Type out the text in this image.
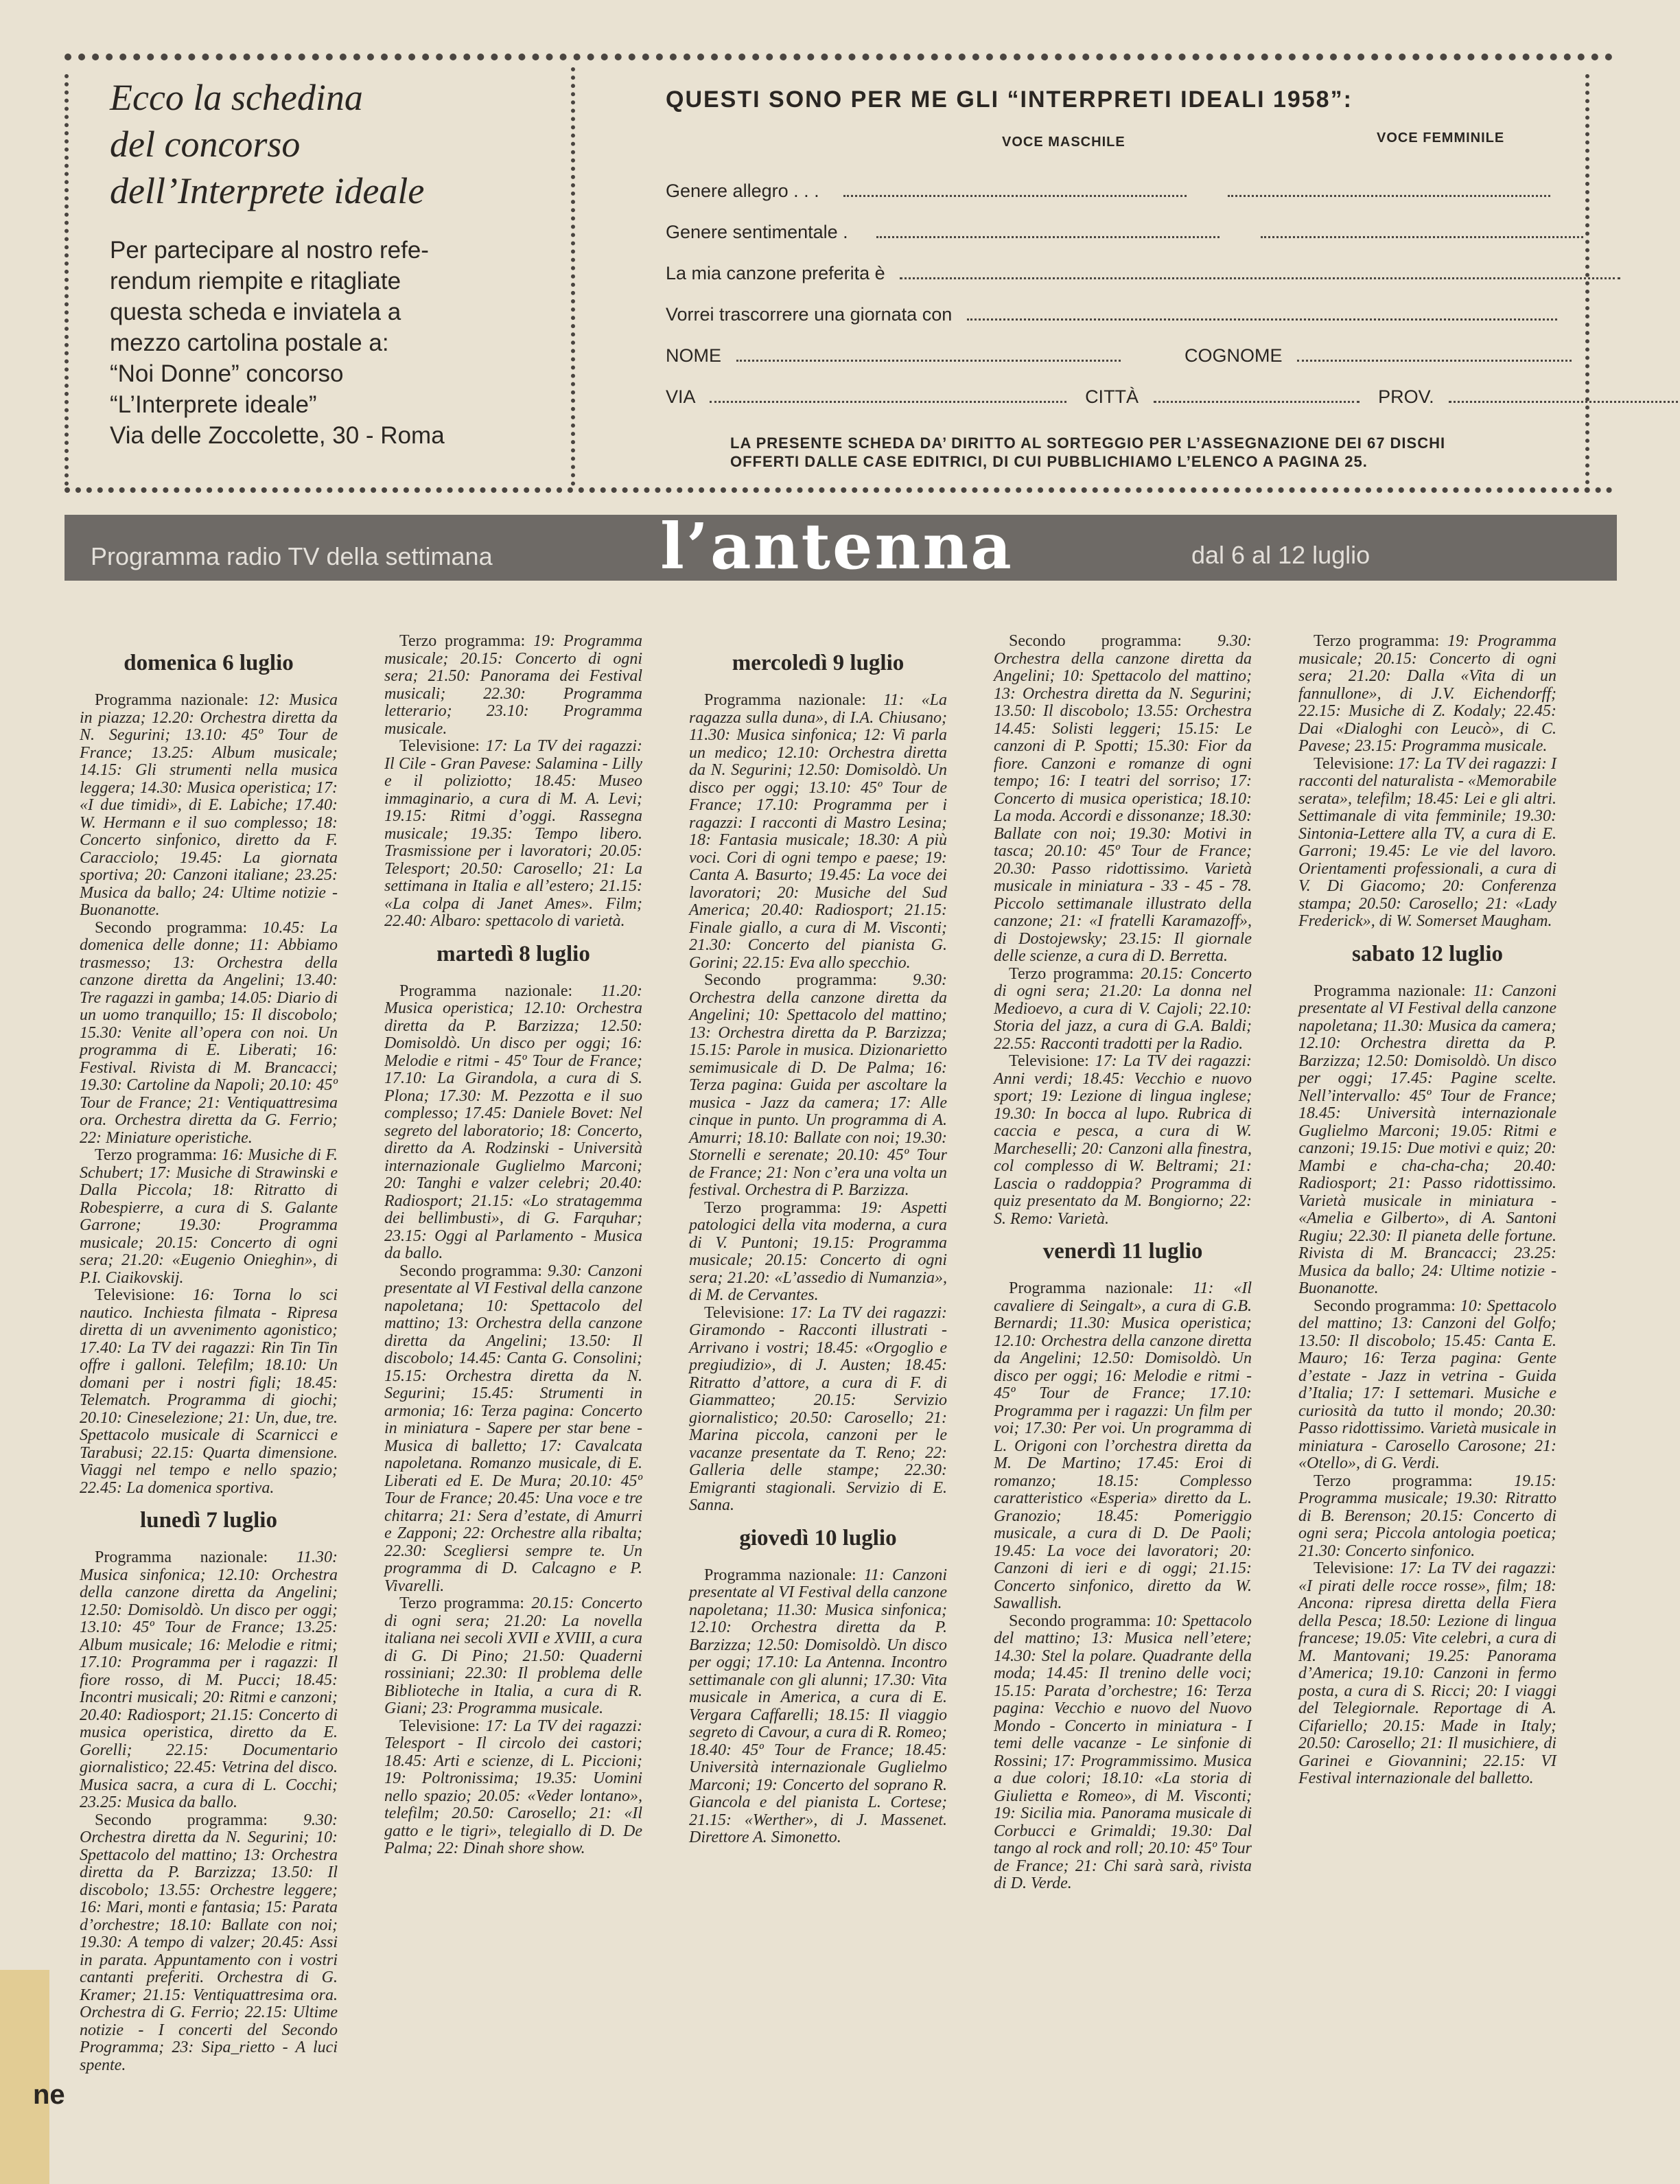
Ecco la schedina
del concorso
dell’Interprete ideale
Per partecipare al nostro refe-
rendum riempite e ritagliate
questa scheda e inviatela a
mezzo cartolina postale a:
“Noi Donne” concorso
“L’Interprete ideale”
Via delle Zoccolette, 30 - Roma
QUESTI SONO PER ME GLI “INTERPRETI IDEALI 1958”:
VOCE MASCHILE	VOCE FEMMINILE
Genere allegro . . .
Genere sentimentale .
La mia canzone preferita è
Vorrei trascorrere una giornata con
NOME	COGNOME
VIA	CITTÀ	PROV.
LA PRESENTE SCHEDA DA’ DIRITTO AL SORTEGGIO PER L’ASSEGNAZIONE DEI 67 DISCHI
OFFERTI DALLE CASE EDITRICI, DI CUI PUBBLICHIAMO L’ELENCO A PAGINA 25.
Programma radio TV della settimana	l’antenna	dal 6 al 12 luglio
domenica 6 luglio

Programma nazionale: 12: Musica in piazza; 12.20: Orchestra diretta da N. Segurini; 13.10: 45º Tour de France; 13.25: Album musicale; 14.15: Gli strumenti nella musica leggera; 14.30: Musica operistica; 17: «I due timidi», di E. Labiche; 17.40: W. Hermann e il suo complesso; 18: Concerto sinfonico, diretto da F. Caracciolo; 19.45: La giornata sportiva; 20: Canzoni italiane; 23.25: Musica da ballo; 24: Ultime notizie - Buonanotte.

Secondo programma: 10.45: La domenica delle donne; 11: Abbiamo trasmesso; 13: Orchestra della canzone diretta da Angelini; 13.40: Tre ragazzi in gamba; 14.05: Diario di un uomo tranquillo; 15: Il discobolo; 15.30: Venite all’opera con noi. Un programma di E. Liberati; 16: Festival. Rivista di M. Brancacci; 19.30: Cartoline da Napoli; 20.10: 45º Tour de France; 21: Ventiquattresima ora. Orchestra diretta da G. Ferrio; 22: Miniature operistiche.

Terzo programma: 16: Musiche di F. Schubert; 17: Musiche di Strawinski e Dalla Piccola; 18: Ritratto di Robespierre, a cura di S. Galante Garrone; 19.30: Programma musicale; 20.15: Concerto di ogni sera; 21.20: «Eugenio Onieghin», di P.I. Ciaikovskij.

Televisione: 16: Torna lo sci nautico. Inchiesta filmata - Ripresa diretta di un avvenimento agonistico; 17.40: La TV dei ragazzi: Rin Tin Tin offre i galloni. Telefilm; 18.10: Un domani per i nostri figli; 18.45: Telematch. Programma di giochi; 20.10: Cineselezione; 21: Un, due, tre. Spettacolo musicale di Scarnicci e Tarabusi; 22.15: Quarta dimensione. Viaggi nel tempo e nello spazio; 22.45: La domenica sportiva.

lunedì 7 luglio

Programma nazionale: 11.30: Musica sinfonica; 12.10: Orchestra della canzone diretta da Angelini; 12.50: Domisoldò. Un disco per oggi; 13.10: 45º Tour de France; 13.25: Album musicale; 16: Melodie e ritmi; 17.10: Programma per i ragazzi: Il fiore rosso, di M. Pucci; 18.45: Incontri musicali; 20: Ritmi e canzoni; 20.40: Radiosport; 21.15: Concerto di musica operistica, diretto da E. Gorelli; 22.15: Documentario giornalistico; 22.45: Vetrina del disco. Musica sacra, a cura di L. Cocchi; 23.25: Musica da ballo.

Secondo programma: 9.30: Orchestra diretta da N. Segurini; 10: Spettacolo del mattino; 13: Orchestra diretta da P. Barzizza; 13.50: Il discobolo; 13.55: Orchestre leggere; 16: Mari, monti e fantasia; 15: Parata d’orchestre; 18.10: Ballate con noi; 19.30: A tempo di valzer; 20.45: Assi in parata. Appuntamento con i vostri cantanti preferiti. Orchestra di G. Kramer; 21.15: Ventiquattresima ora. Orchestra di G. Ferrio; 22.15: Ultime notizie - I concerti del Secondo Programma; 23: Sipa_rietto - A luci spente.

Terzo programma: 19: Programma musicale; 20.15: Concerto di ogni sera; 21.50: Panorama dei Festival musicali; 22.30: Programma letterario; 23.10: Programma musicale.

Televisione: 17: La TV dei ragazzi: Il Cile - Gran Pavese: Salamina - Lilly e il poliziotto; 18.45: Museo immaginario, a cura di M. A. Levi; 19.15: Ritmi d’oggi. Rassegna musicale; 19.35: Tempo libero. Trasmissione per i lavoratori; 20.05: Telesport; 20.50: Carosello; 21: La settimana in Italia e all’estero; 21.15: «La colpa di Janet Ames». Film; 22.40: Albaro: spettacolo di varietà.

martedì 8 luglio

Programma nazionale: 11.20: Musica operistica; 12.10: Orchestra diretta da P. Barzizza; 12.50: Domisoldò. Un disco per oggi; 16: Melodie e ritmi - 45º Tour de France; 17.10: La Girandola, a cura di S. Plona; 17.30: M. Pezzotta e il suo complesso; 17.45: Daniele Bovet: Nel segreto del laboratorio; 18: Concerto, diretto da A. Rodzinski - Università internazionale Guglielmo Marconi; 20: Tanghi e valzer celebri; 20.40: Radiosport; 21.15: «Lo stratagemma dei bellimbusti», di G. Farquhar; 23.15: Oggi al Parlamento - Musica da ballo.

Secondo programma: 9.30: Canzoni presentate al VI Festival della canzone napoletana; 10: Spettacolo del mattino; 13: Orchestra della canzone diretta da Angelini; 13.50: Il discobolo; 14.45: Canta G. Consolini; 15.15: Orchestra diretta da N. Segurini; 15.45: Strumenti in armonia; 16: Terza pagina: Concerto in miniatura - Sapere per star bene - Musica di balletto; 17: Cavalcata napoletana. Romanzo musicale, di E. Liberati ed E. De Mura; 20.10: 45º Tour de France; 20.45: Una voce e tre chitarra; 21: Sera d’estate, di Amurri e Zapponi; 22: Orchestre alla ribalta; 22.30: Scegliersi sempre te. Un programma di D. Calcagno e P. Vivarelli.

Terzo programma: 20.15: Concerto di ogni sera; 21.20: La novella italiana nei secoli XVII e XVIII, a cura di G. Di Pino; 21.50: Quaderni rossiniani; 22.30: Il problema delle Biblioteche in Italia, a cura di R. Giani; 23: Programma musicale.

Televisione: 17: La TV dei ragazzi: Telesport - Il circolo dei castori; 18.45: Arti e scienze, di L. Piccioni; 19: Poltronissima; 19.35: Uomini nello spazio; 20.05: «Veder lontano», telefilm; 20.50: Carosello; 21: «Il gatto e le tigri», telegiallo di D. De Palma; 22: Dinah shore show.

mercoledì 9 luglio

Programma nazionale: 11: «La ragazza sulla duna», di I.A. Chiusano; 11.30: Musica sinfonica; 12: Vi parla un medico; 12.10: Orchestra diretta da N. Segurini; 12.50: Domisoldò. Un disco per oggi; 13.10: 45º Tour de France; 17.10: Programma per i ragazzi: I racconti di Mastro Lesina; 18: Fantasia musicale; 18.30: A più voci. Cori di ogni tempo e paese; 19: Canta A. Basurto; 19.45: La voce dei lavoratori; 20: Musiche del Sud America; 20.40: Radiosport; 21.15: Finale giallo, a cura di M. Visconti; 21.30: Concerto del pianista G. Gorini; 22.15: Eva allo specchio.

Secondo programma: 9.30: Orchestra della canzone diretta da Angelini; 10: Spettacolo del mattino; 13: Orchestra diretta da P. Barzizza; 15.15: Parole in musica. Dizionarietto semimusicale di D. De Palma; 16: Terza pagina: Guida per ascoltare la musica - Jazz da camera; 17: Alle cinque in punto. Un programma di A. Amurri; 18.10: Ballate con noi; 19.30: Stornelli e serenate; 20.10: 45º Tour de France; 21: Non c’era una volta un festival. Orchestra di P. Barzizza.

Terzo programma: 19: Aspetti patologici della vita moderna, a cura di V. Puntoni; 19.15: Programma musicale; 20.15: Concerto di ogni sera; 21.20: «L’assedio di Numanzia», di M. de Cervantes.

Televisione: 17: La TV dei ragazzi: Giramondo - Racconti illustrati - Arrivano i vostri; 18.45: «Orgoglio e pregiudizio», di J. Austen; 18.45: Ritratto d’attore, a cura di F. di Giammatteo; 20.15: Servizio giornalistico; 20.50: Carosello; 21: Marina piccola, canzoni per le vacanze presentate da T. Reno; 22: Galleria delle stampe; 22.30: Emigranti stagionali. Servizio di E. Sanna.

giovedì 10 luglio

Programma nazionale: 11: Canzoni presentate al VI Festival della canzone napoletana; 11.30: Musica sinfonica; 12.10: Orchestra diretta da P. Barzizza; 12.50: Domisoldò. Un disco per oggi; 17.10: La Antenna. Incontro settimanale con gli alunni; 17.30: Vita musicale in America, a cura di E. Vergara Caffarelli; 18.15: Il viaggio segreto di Cavour, a cura di R. Romeo; 18.40: 45º Tour de France; 18.45: Università internazionale Guglielmo Marconi; 19: Concerto del soprano R. Giancola e del pianista L. Cortese; 21.15: «Werther», di J. Massenet. Direttore A. Simonetto.

Secondo programma: 9.30: Orchestra della canzone diretta da Angelini; 10: Spettacolo del mattino; 13: Orchestra diretta da N. Segurini; 13.50: Il discobolo; 13.55: Orchestra 14.45: Solisti leggeri; 15.15: Le canzoni di P. Spotti; 15.30: Fior da fiore. Canzoni e romanze di ogni tempo; 16: I teatri del sorriso; 17: Concerto di musica operistica; 18.10: La moda. Accordi e dissonanze; 18.30: Ballate con noi; 19.30: Motivi in tasca; 20.10: 45º Tour de France; 20.30: Passo ridottissimo. Varietà musicale in miniatura - 33 - 45 - 78. Piccolo settimanale illustrato della canzone; 21: «I fratelli Karamazoff», di Dostojewsky; 23.15: Il giornale delle scienze, a cura di D. Berretta.

Terzo programma: 20.15: Concerto di ogni sera; 21.20: La donna nel Medioevo, a cura di V. Cajoli; 22.10: Storia del jazz, a cura di G.A. Baldi; 22.55: Racconti tradotti per la Radio.

Televisione: 17: La TV dei ragazzi: Anni verdi; 18.45: Vecchio e nuovo sport; 19: Lezione di lingua inglese; 19.30: In bocca al lupo. Rubrica di caccia e pesca, a cura di W. Marcheselli; 20: Canzoni alla finestra, col complesso di W. Beltrami; 21: Lascia o raddoppia? Programma di quiz presentato da M. Bongiorno; 22: S. Remo: Varietà.

venerdì 11 luglio

Programma nazionale: 11: «Il cavaliere di Seingalt», a cura di G.B. Bernardi; 11.30: Musica operistica; 12.10: Orchestra della canzone diretta da Angelini; 12.50: Domisoldò. Un disco per oggi; 16: Melodie e ritmi - 45º Tour de France; 17.10: Programma per i ragazzi: Un film per voi; 17.30: Per voi. Un programma di L. Origoni con l’orchestra diretta da M. De Martino; 17.45: Eroi di romanzo; 18.15: Complesso caratteristico «Esperia» diretto da L. Granozio; 18.45: Pomeriggio musicale, a cura di D. De Paoli; 19.45: La voce dei lavoratori; 20: Canzoni di ieri e di oggi; 21.15: Concerto sinfonico, diretto da W. Sawallish.

Secondo programma: 10: Spettacolo del mattino; 13: Musica nell’etere; 14.30: Stel la polare. Quadrante della moda; 14.45: Il trenino delle voci; 15.15: Parata d’orchestre; 16: Terza pagina: Vecchio e nuovo del Nuovo Mondo - Concerto in miniatura - I temi delle vacanze - Le sinfonie di Rossini; 17: Programmissimo. Musica a due colori; 18.10: «La storia di Giulietta e Romeo», di M. Visconti; 19: Sicilia mia. Panorama musicale di Corbucci e Grimaldi; 19.30: Dal tango al rock and roll; 20.10: 45º Tour de France; 21: Chi sarà sarà, rivista di D. Verde.

Terzo programma: 19: Programma musicale; 20.15: Concerto di ogni sera; 21.20: Dalla «Vita di un fannullone», di J.V. Eichendorff; 22.15: Musiche di Z. Kodaly; 22.45: Dai «Dialoghi con Leucò», di C. Pavese; 23.15: Programma musicale.

Televisione: 17: La TV dei ragazzi: I racconti del naturalista - «Memorabile serata», telefilm; 18.45: Lei e gli altri. Settimanale di vita femminile; 19.30: Sintonia-Lettere alla TV, a cura di E. Garroni; 19.45: Le vie del lavoro. Orientamenti professionali, a cura di V. Di Giacomo; 20: Conferenza stampa; 20.50: Carosello; 21: «Lady Frederick», di W. Somerset Maugham.

sabato 12 luglio

Programma nazionale: 11: Canzoni presentate al VI Festival della canzone napoletana; 11.30: Musica da camera; 12.10: Orchestra diretta da P. Barzizza; 12.50: Domisoldò. Un disco per oggi; 17.45: Pagine scelte. Nell’intervallo: 45º Tour de France; 18.45: Università internazionale Guglielmo Marconi; 19.05: Ritmi e canzoni; 19.15: Due motivi e quiz; 20: Mambi e cha-cha-cha; 20.40: Radiosport; 21: Passo ridottissimo. Varietà musicale in miniatura - «Amelia e Gilberto», di A. Santoni Rugiu; 22.30: Il pianeta delle fortune. Rivista di M. Brancacci; 23.25: Musica da ballo; 24: Ultime notizie - Buonanotte.

Secondo programma: 10: Spettacolo del mattino; 13: Canzoni del Golfo; 13.50: Il discobolo; 15.45: Canta E. Mauro; 16: Terza pagina: Gente d’estate - Jazz in vetrina - Guida d’Italia; 17: I settemari. Musiche e curiosità da tutto il mondo; 20.30: Passo ridottissimo. Varietà musicale in miniatura - Carosello Carosone; 21: «Otello», di G. Verdi.

Terzo programma:	19.15: Programma musicale; 19.30: Ritratto di B. Berenson; 20.15: Concerto di ogni sera; Piccola antologia poetica; 21.30: Concerto sinfonico.

Televisione: 17: La TV dei ragazzi: «I pirati delle rocce rosse», film; 18: Ancona: ripresa diretta della Fiera della Pesca; 18.50: Lezione di lingua francese; 19.05: Vite celebri, a cura di M. Mantovani; 19.25: Panorama d’America; 19.10: Canzoni in fermo posta, a cura di S. Ricci; 20: I viaggi del Telegiornale. Reportage di A. Cifariello; 20.15: Made in Italy; 20.50: Carosello; 21: Il musichiere, di Garinei e Giovannini; 22.15: VI Festival internazionale del balletto.

ne
